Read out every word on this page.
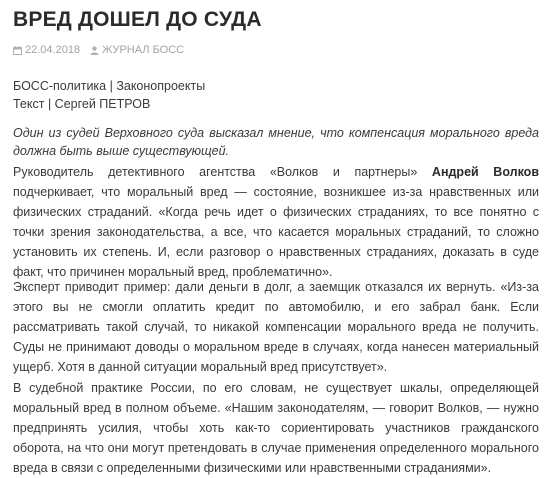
ВРЕД ДОШЕЛ ДО СУДА
22.04.2018 ЖУРНАЛ БОСС
БОСС-политика | Законопроекты
Текст | Сергей ПЕТРОВ
Один из судей Верховного суда высказал мнение, что компенсация морального вреда должна быть выше существующей.

Руководитель детективного агентства «Волков и партнеры» Андрей Волков подчеркивает, что моральный вред — состояние, возникшее из-за нравственных или физических страданий. «Когда речь идет о физических страданиях, то все понятно с точки зрения законодательства, а все, что касается моральных страданий, то сложно установить их степень. И, если разговор о нравственных страданиях, доказать в суде факт, что причинен моральный вред, проблематично».

Эксперт приводит пример: дали деньги в долг, а заемщик отказался их вернуть. «Из-за этого вы не смогли оплатить кредит по автомобилю, и его забрал банк. Если рассматривать такой случай, то никакой компенсации морального вреда не получить. Суды не принимают доводы о моральном вреде в случаях, когда нанесен материальный ущерб. Хотя в данной ситуации моральный вред присутствует».

В судебной практике России, по его словам, не существует шкалы, определяющей моральный вред в полном объеме. «Нашим законодателям, — говорит Волков, — нужно предпринять усилия, чтобы хоть как-то сориентировать участников гражданского оборота, на что они могут претендовать в случае применения определенного морального вреда в связи с определенными физическими или нравственными страданиями».
